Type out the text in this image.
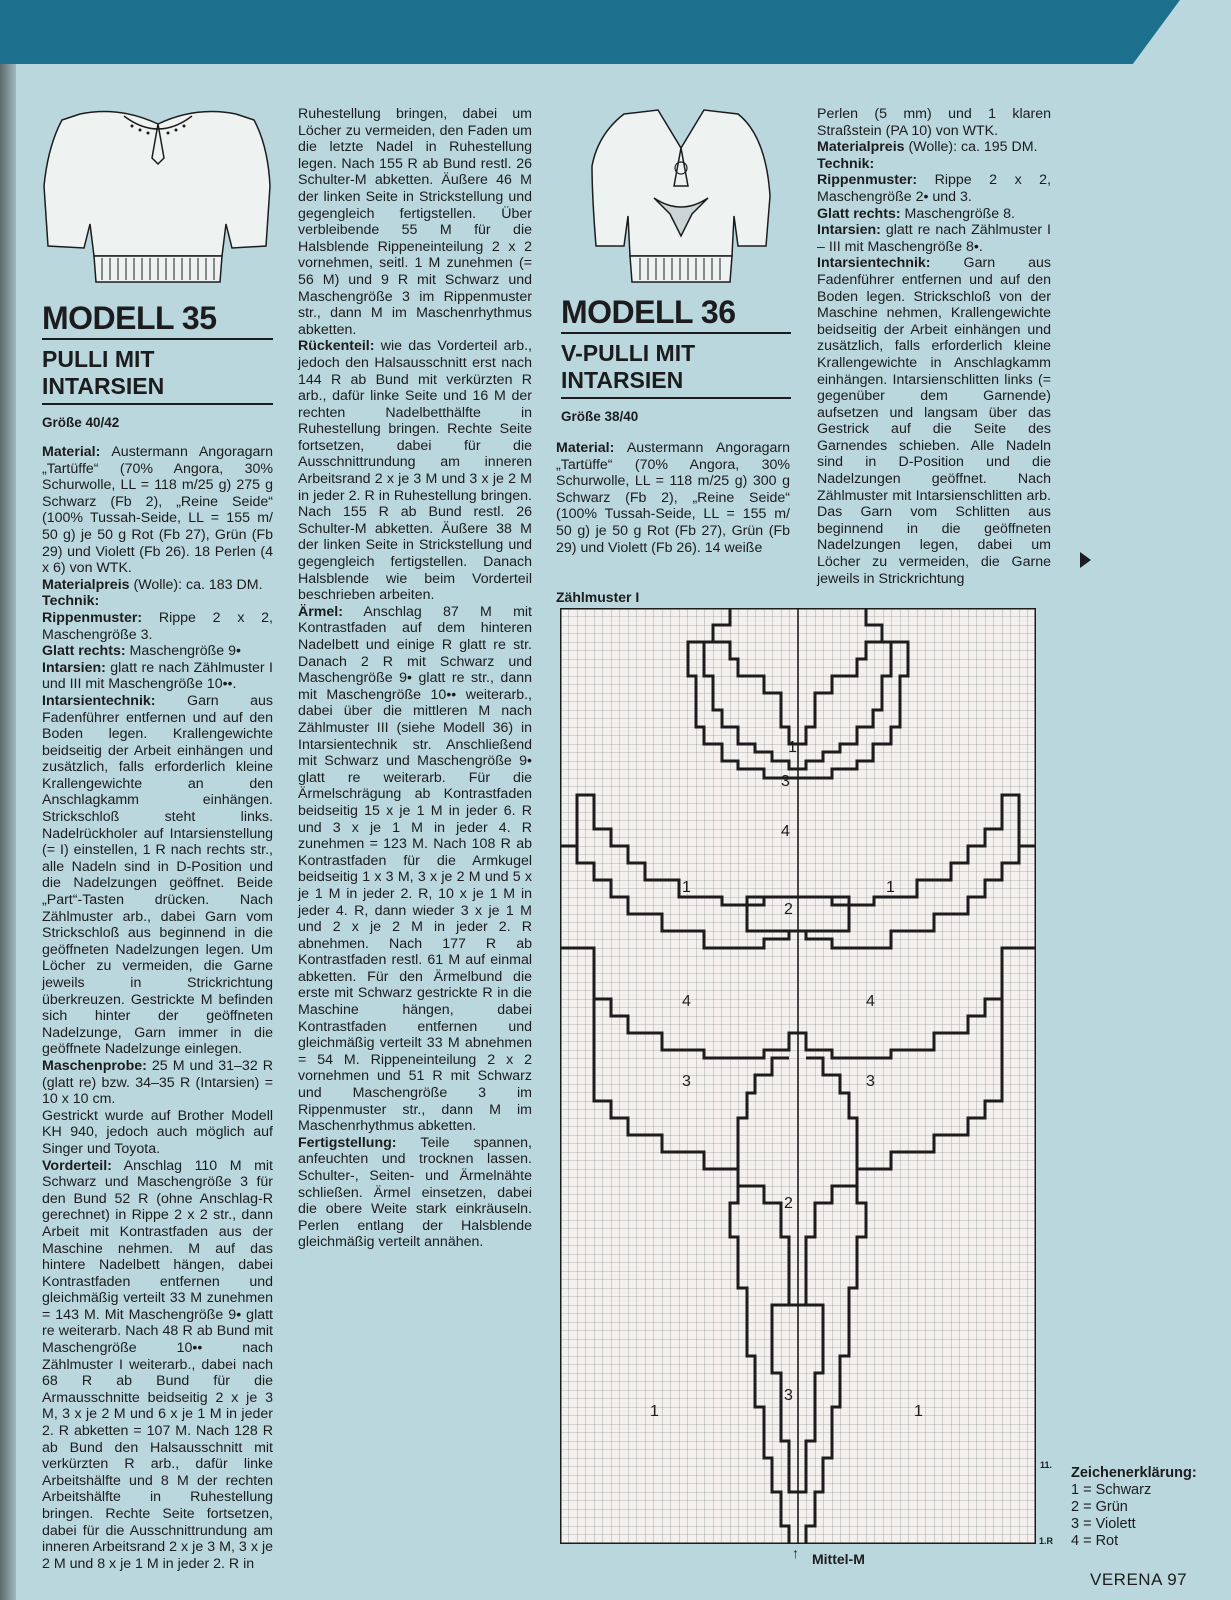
MODELL 35
PULLI MIT
INTARSIEN
Größe 40/42
MODELL 36
V-PULLI MIT
INTARSIEN
Größe 38/40

Material: Austermann Angoragarn „Tartüffe“ (70% Angora, 30% Schurwolle, LL = 118 m/25 g) 275 g Schwarz (Fb 2), „Reine Seide“ (100% Tussah-Seide, LL = 155 m/ 50 g) je 50 g Rot (Fb 27), Grün (Fb 29) und Violett (Fb 26). 18 Perlen (4 x 6) von WTK.

Materialpreis (Wolle): ca. 183 DM.

Technik:

Rippenmuster: Rippe 2 x 2, Maschengröße 3.

Glatt rechts: Maschengröße 9•

Intarsien: glatt re nach Zählmuster I und III mit Maschengröße 10••.

Intarsientechnik: Garn aus Fadenführer entfernen und auf den Boden legen. Krallengewichte beidseitig der Arbeit einhängen und zusätzlich, falls erforderlich kleine Krallengewichte an den Anschlagkamm einhängen. Strickschloß steht links. Nadelrückholer auf Intarsienstellung (= I) einstellen, 1 R nach rechts str., alle Nadeln sind in D-Position und die Nadelzungen geöffnet. Beide „Part“-Tasten drücken. Nach Zählmuster arb., dabei Garn vom Strickschloß aus beginnend in die geöffneten Nadelzungen legen. Um Löcher zu vermeiden, die Garne jeweils in Strickrichtung überkreuzen. Gestrickte M befinden sich hinter der geöffneten Nadelzunge, Garn immer in die geöffnete Nadelzunge einlegen.

Maschenprobe: 25 M und 31–32 R (glatt re) bzw. 34–35 R (Intarsien) = 10 x 10 cm.

Gestrickt wurde auf Brother Modell KH 940, jedoch auch möglich auf Singer und Toyota.

Vorderteil: Anschlag 110 M mit Schwarz und Maschengröße 3 für den Bund 52 R (ohne Anschlag-R gerechnet) in Rippe 2 x 2 str., dann Arbeit mit Kontrastfaden aus der Maschine nehmen. M auf das hintere Nadelbett hängen, dabei Kontrastfaden entfernen und gleichmäßig verteilt 33 M zunehmen = 143 M. Mit Maschengröße 9• glatt re weiterarb. Nach 48 R ab Bund mit Maschengröße 10•• nach Zählmuster I weiterarb., dabei nach 68 R ab Bund für die Armausschnitte beidseitig 2 x je 3 M, 3 x je 2 M und 6 x je 1 M in jeder 2. R abketten = 107 M. Nach 128 R ab Bund den Halsausschnitt mit verkürzten R arb., dafür linke Arbeitshälfte und 8 M der rechten Arbeitshälfte in Ruhestellung bringen. Rechte Seite fortsetzen, dabei für die Ausschnittrundung am inneren Arbeitsrand 2 x je 3 M, 3 x je 2 M und 8 x je 1 M in jeder 2. R in

Ruhestellung bringen, dabei um Löcher zu vermeiden, den Faden um die letzte Nadel in Ruhestellung legen. Nach 155 R ab Bund restl. 26 Schulter-M abketten. Äußere 46 M der linken Seite in Strickstellung und gegengleich fertigstellen. Über verbleibende 55 M für die Halsblende Rippeneinteilung 2 x 2 vornehmen, seitl. 1 M zunehmen (= 56 M) und 9 R mit Schwarz und Maschengröße 3 im Rippenmuster str., dann M im Maschenrhythmus abketten.

Rückenteil: wie das Vorderteil arb., jedoch den Halsausschnitt erst nach 144 R ab Bund mit verkürzten R arb., dafür linke Seite und 16 M der rechten Nadelbetthälfte in Ruhestellung bringen. Rechte Seite fortsetzen, dabei für die Ausschnittrundung am inneren Arbeitsrand 2 x je 3 M und 3 x je 2 M in jeder 2. R in Ruhestellung bringen. Nach 155 R ab Bund restl. 26 Schulter-M abketten. Äußere 38 M der linken Seite in Strickstellung und gegengleich fertigstellen. Danach Halsblende wie beim Vorderteil beschrieben arbeiten.

Ärmel: Anschlag 87 M mit Kontrastfaden auf dem hinteren Nadelbett und einige R glatt re str. Danach 2 R mit Schwarz und Maschengröße 9• glatt re str., dann mit Maschengröße 10•• weiterarb., dabei über die mittleren M nach Zählmuster III (siehe Modell 36) in Intarsientechnik str. Anschließend mit Schwarz und Maschengröße 9• glatt re weiterarb. Für die Ärmelschrägung ab Kontrastfaden beidseitig 15 x je 1 M in jeder 6. R und 3 x je 1 M in jeder 4. R zunehmen = 123 M. Nach 108 R ab Kontrastfaden für die Armkugel beidseitig 1 x 3 M, 3 x je 2 M und 5 x je 1 M in jeder 2. R, 10 x je 1 M in jeder 4. R, dann wieder 3 x je 1 M und 2 x je 2 M in jeder 2. R abnehmen. Nach 177 R ab Kontrastfaden restl. 61 M auf einmal abketten. Für den Ärmelbund die erste mit Schwarz gestrickte R in die Maschine hängen, dabei Kontrastfaden entfernen und gleichmäßig verteilt 33 M abnehmen = 54 M. Rippeneinteilung 2 x 2 vornehmen und 51 R mit Schwarz und Maschengröße 3 im Rippenmuster str., dann M im Maschenrhythmus abketten.

Fertigstellung: Teile spannen, anfeuchten und trocknen lassen. Schulter-, Seiten- und Ärmelnähte schließen. Ärmel einsetzen, dabei die obere Weite stark einkräuseln. Perlen entlang der Halsblende gleichmäßig verteilt annähen.

Material: Austermann Angoragarn „Tartüffe“ (70% Angora, 30% Schurwolle, LL = 118 m/25 g) 300 g Schwarz (Fb 2), „Reine Seide“ (100% Tussah-Seide, LL = 155 m/ 50 g) je 50 g Rot (Fb 27), Grün (Fb 29) und Violett (Fb 26). 14 weiße

Perlen (5 mm) und 1 klaren Straßstein (PA 10) von WTK.

Materialpreis (Wolle): ca. 195 DM.

Technik:

Rippenmuster: Rippe 2 x 2, Maschengröße 2• und 3.

Glatt rechts: Maschengröße 8.

Intarsien: glatt re nach Zählmuster I – III mit Maschengröße 8•.

Intarsientechnik: Garn aus Fadenführer entfernen und auf den Boden legen. Strickschloß von der Maschine nehmen, Krallengewichte beidseitig der Arbeit einhängen und zusätzlich, falls erforderlich kleine Krallengewichte in Anschlagkamm einhängen. Intarsienschlitten links (= gegenüber dem Garnende) aufsetzen und langsam über das Gestrick auf die Seite des Garnendes schieben. Alle Nadeln sind in D-Position und die Nadelzungen geöffnet. Nach Zählmuster mit Intarsienschlitten arb. Das Garn vom Schlitten aus beginnend in die geöffneten Nadelzungen legen, dabei um Löcher zu vermeiden, die Garne jeweils in Strickrichtung

Zählmuster I
1
3
4
1
2
1
4	4
3	3
2
3
1	1
11.
1.R
↑ Mittel-M
Zeichenerklärung:
1 = Schwarz
2 = Grün
3 = Violett
4 = Rot
VERENA 97
